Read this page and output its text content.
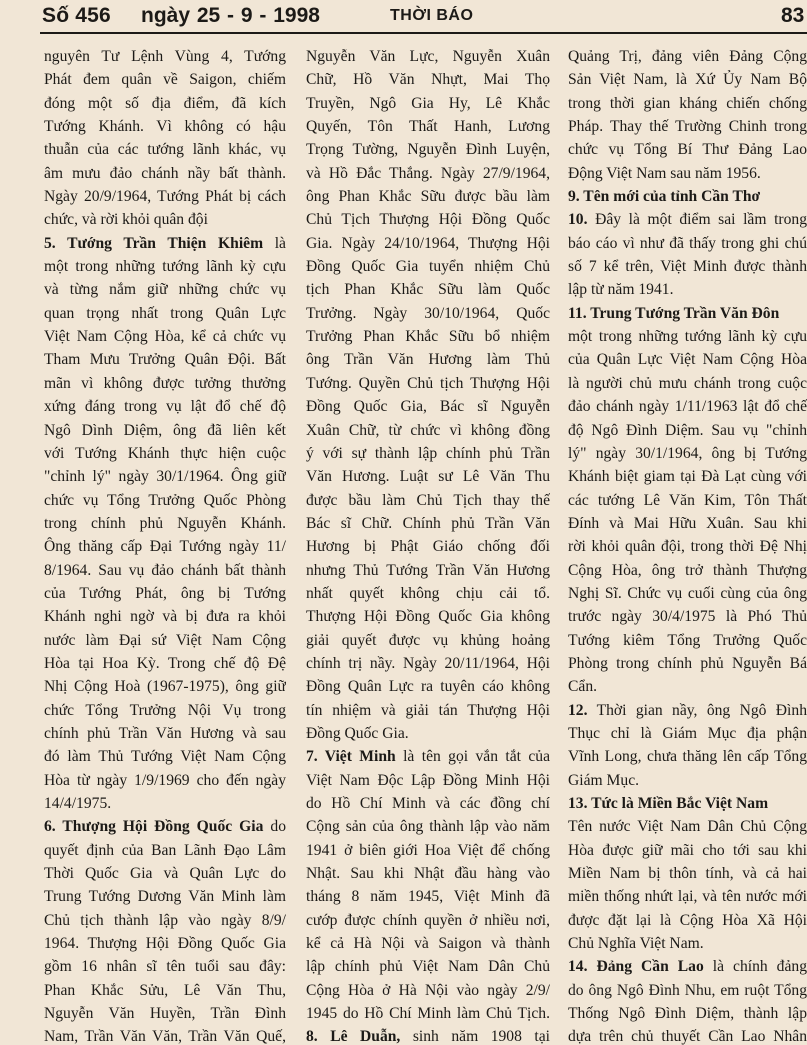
Số 456 ngày 25 - 9 - 1998	THỜI BÁO	83
nguyên Tư Lệnh Vùng 4, Tướng
Phát đem quân về Saigon, chiếm
đóng một số địa điểm, đã kích
Tướng Khánh. Vì không có hậu
thuẫn của các tướng lãnh khác, vụ
âm mưu đảo chánh nầy bất thành.
Ngày 20/9/1964, Tướng Phát bị cách
chức, và rời khỏi quân đội
5. Tướng Trần Thiện Khiêm là
một trong những tướng lãnh kỳ cựu
và từng nắm giữ những chức vụ
quan trọng nhất trong Quân Lực
Việt Nam Cộng Hòa, kể cả chức vụ
Tham Mưu Trưởng Quân Đội. Bất
mãn vì không được tưởng thưởng
xứng đáng trong vụ lật đổ chế độ
Ngô Dình Diệm, ông đã liên kết
với Tướng Khánh thực hiện cuộc
"chỉnh lý" ngày 30/1/1964. Ông giữ
chức vụ Tổng Trưởng Quốc Phòng
trong chính phủ Nguyễn Khánh.
Ông thăng cấp Đại Tướng ngày 11/
8/1964. Sau vụ đảo chánh bất thành
của Tướng Phát, ông bị Tướng
Khánh nghi ngờ và bị đưa ra khỏi
nước làm Đại sứ Việt Nam Cộng
Hòa tại Hoa Kỳ. Trong chế độ Đệ
Nhị Cộng Hoà (1967-1975), ông giữ
chức Tổng Trưởng Nội Vụ trong
chính phủ Trần Văn Hương và sau
đó làm Thủ Tướng Việt Nam Cộng
Hòa từ ngày 1/9/1969 cho đến ngày
14/4/1975.
6. Thượng Hội Đồng Quốc Gia do
quyết định của Ban Lãnh Đạo Lâm
Thời Quốc Gia và Quân Lực do
Trung Tướng Dương Văn Minh làm
Chủ tịch thành lập vào ngày 8/9/
1964. Thượng Hội Đồng Quốc Gia
gồm 16 nhân sĩ tên tuổi sau đây:
Phan Khắc Sửu, Lê Văn Thu,
Nguyễn Văn Huyền, Trần Đình
Nam, Trần Văn Văn, Trần Văn Quế,
Nguyễn Văn Lực, Nguyễn Xuân
Chữ, Hồ Văn Nhựt, Mai Thọ
Truyền, Ngô Gia Hy, Lê Khắc
Quyến, Tôn Thất Hanh, Lương
Trọng Tường, Nguyễn Đình Luyện,
và Hồ Đắc Thắng. Ngày 27/9/1964,
ông Phan Khắc Sữu được bầu làm
Chủ Tịch Thượng Hội Đồng Quốc
Gia. Ngày 24/10/1964, Thượng Hội
Đồng Quốc Gia tuyển nhiệm Chủ
tịch Phan Khắc Sữu làm Quốc
Trưởng. Ngày 30/10/1964, Quốc
Trưởng Phan Khắc Sữu bổ nhiệm
ông Trần Văn Hương làm Thủ
Tướng. Quyền Chủ tịch Thượng Hội
Đồng Quốc Gia, Bác sĩ Nguyễn
Xuân Chữ, từ chức vì không đồng
ý với sự thành lập chính phủ Trần
Văn Hương. Luật sư Lê Văn Thu
được bầu làm Chủ Tịch thay thế
Bác sĩ Chữ. Chính phủ Trần Văn
Hương bị Phật Giáo chống đối
nhưng Thủ Tướng Trần Văn Hương
nhất quyết không chịu cải tổ.
Thượng Hội Đồng Quốc Gia không
giải quyết được vụ khủng hoảng
chính trị nầy. Ngày 20/11/1964, Hội
Đồng Quân Lực ra tuyên cáo không
tín nhiệm và giải tán Thượng Hội
Đồng Quốc Gia.
7. Việt Minh là tên gọi vắn tắt của
Việt Nam Độc Lập Đồng Minh Hội
do Hồ Chí Minh và các đồng chí
Cộng sản của ông thành lập vào năm
1941 ở biên giới Hoa Việt để chống
Nhật. Sau khi Nhật đầu hàng vào
tháng 8 năm 1945, Việt Minh đã
cướp được chính quyền ở nhiều nơi,
kể cả Hà Nội và Saigon và thành
lập chính phủ Việt Nam Dân Chủ
Cộng Hòa ở Hà Nội vào ngày 2/9/
1945 do Hồ Chí Minh làm Chủ Tịch.
8. Lê Duẫn, sinh năm 1908 tại
Quảng Trị, đảng viên Đảng Cộng
Sản Việt Nam, là Xứ Ủy Nam Bộ
trong thời gian kháng chiến chống
Pháp. Thay thế Trường Chinh trong
chức vụ Tổng Bí Thư Đảng Lao
Động Việt Nam sau năm 1956.
9. Tên mới của tỉnh Cần Thơ
10. Đây là một điểm sai lầm trong
báo cáo vì như đã thấy trong ghi chú
số 7 kể trên, Việt Minh được thành
lập từ năm 1941.
11. Trung Tướng Trần Văn Đôn
một trong những tướng lãnh kỳ cựu
của Quân Lực Việt Nam Cộng Hòa
là người chủ mưu chánh trong cuộc
đảo chánh ngày 1/11/1963 lật đổ chế
độ Ngô Đình Diệm. Sau vụ "chỉnh
lý" ngày 30/1/1964, ông bị Tướng
Khánh biệt giam tại Đà Lạt cùng với
các tướng Lê Văn Kim, Tôn Thất
Đính và Mai Hữu Xuân. Sau khi
rời khỏi quân đội, trong thời Đệ Nhị
Cộng Hòa, ông trở thành Thượng
Nghị Sĩ. Chức vụ cuối cùng của ông
trước ngày 30/4/1975 là Phó Thủ
Tướng kiêm Tổng Trưởng Quốc
Phòng trong chính phủ Nguyễn Bá
Cẩn.
12. Thời gian nầy, ông Ngô Đình
Thục chỉ là Giám Mục địa phận
Vĩnh Long, chưa thăng lên cấp Tổng
Giám Mục.
13. Tức là Miền Bắc Việt Nam
Tên nước Việt Nam Dân Chủ Cộng
Hòa được giữ mãi cho tới sau khi
Miền Nam bị thôn tính, và cả hai
miền thống nhứt lại, và tên nước mới
được đặt lại là Cộng Hòa Xã Hội
Chủ Nghĩa Việt Nam.
14. Đảng Cần Lao là chính đảng
do ông Ngô Đình Nhu, em ruột Tổng
Thống Ngô Đình Diệm, thành lập
dựa trên chủ thuyết Cần Lao Nhân
